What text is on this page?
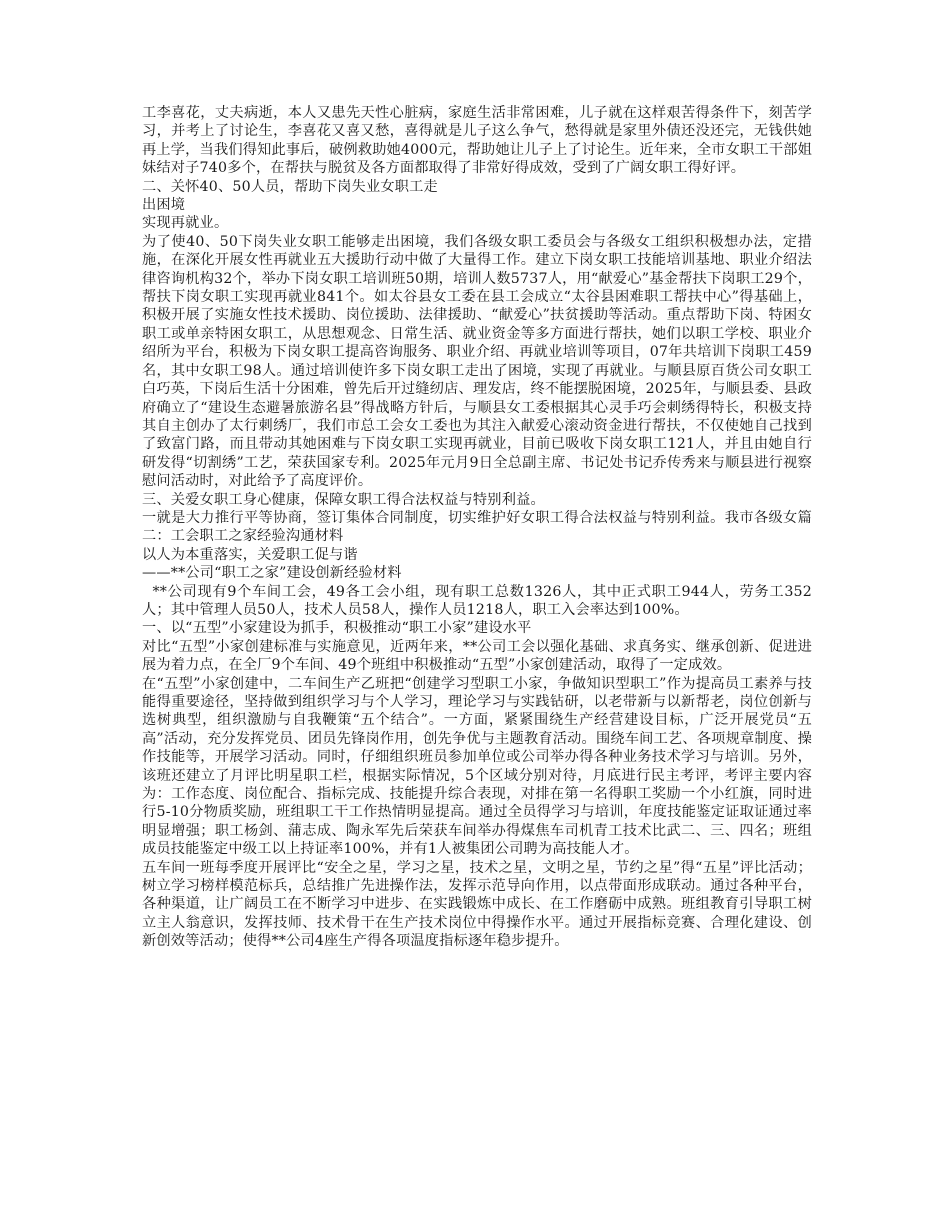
工李喜花，丈夫病逝，本人又患先天性心脏病，家庭生活非常困难，儿子就在这样艰苦得条件下，刻苦学习，并考上了讨论生，李喜花又喜又愁，喜得就是儿子这么争气，愁得就是家里外债还没还完，无钱供她再上学，当我们得知此事后，破例救助她4000元，帮助她让儿子上了讨论生。近年来，全市女职工干部姐妹结对子740多个，在帮扶与脱贫及各方面都取得了非常好得成效，受到了广阔女职工得好评。

二、关怀40、50人员，帮助下岗失业女职工走

出困境

实现再就业。

为了使40、50下岗失业女职工能够走出困境，我们各级女职工委员会与各级女工组织积极想办法，定措施，在深化开展女性再就业五大援助行动中做了大量得工作。建立下岗女职工技能培训基地、职业介绍法律咨询机构32个，举办下岗女职工培训班50期，培训人数5737人，用“献爱心”基金帮扶下岗职工29个，帮扶下岗女职工实现再就业841个。如太谷县女工委在县工会成立“太谷县困难职工帮扶中心”得基础上，积极开展了实施女性技术援助、岗位援助、法律援助、“献爱心”扶贫援助等活动。重点帮助下岗、特困女职工或单亲特困女职工，从思想观念、日常生活、就业资金等多方面进行帮扶，她们以职工学校、职业介绍所为平台，积极为下岗女职工提高咨询服务、职业介绍、再就业培训等项目，07年共培训下岗职工459名，其中女职工98人。通过培训使许多下岗女职工走出了困境，实现了再就业。与顺县原百货公司女职工白巧英，下岗后生活十分困难，曾先后开过缝纫店、理发店，终不能摆脱困境，2025年，与顺县委、县政府确立了“建设生态避暑旅游名县”得战略方针后，与顺县女工委根据其心灵手巧会刺绣得特长，积极支持其自主创办了太行刺绣厂，我们市总工会女工委也为其注入献爱心滚动资金进行帮扶，不仅使她自己找到了致富门路，而且带动其她困难与下岗女职工实现再就业，目前已吸收下岗女职工121人，并且由她自行研发得“切割绣”工艺，荣获国家专利。2025年元月9日全总副主席、书记处书记乔传秀来与顺县进行视察慰问活动时，对此给予了高度评价。

三、关爱女职工身心健康，保障女职工得合法权益与特别利益。

一就是大力推行平等协商，签订集体合同制度，切实维护好女职工得合法权益与特别利益。我市各级女篇二：工会职工之家经验沟通材料

以人为本重落实，关爱职工促与谐

——**公司“职工之家”建设创新经验材料

**公司现有9个车间工会，49各工会小组，现有职工总数1326人，其中正式职工944人，劳务工352人；其中管理人员50人，技术人员58人，操作人员1218人，职工入会率达到100%。

一、以“五型”小家建设为抓手，积极推动“职工小家”建设水平

对比“五型”小家创建标准与实施意见，近两年来，**公司工会以强化基础、求真务实、继承创新、促进进展为着力点，在全厂9个车间、49个班组中积极推动“五型”小家创建活动，取得了一定成效。

在“五型”小家创建中，二车间生产乙班把“创建学习型职工小家，争做知识型职工”作为提高员工素养与技能得重要途径，坚持做到组织学习与个人学习，理论学习与实践钻研，以老带新与以新帮老，岗位创新与选树典型，组织激励与自我鞭策“五个结合”。一方面，紧紧围绕生产经营建设目标，广泛开展党员“五高”活动，充分发挥党员、团员先锋岗作用，创先争优与主题教育活动。围绕车间工艺、各项规章制度、操作技能等，开展学习活动。同时，仔细组织班员参加单位或公司举办得各种业务技术学习与培训。另外，该班还建立了月评比明星职工栏，根据实际情况，5个区域分别对待，月底进行民主考评，考评主要内容为：工作态度、岗位配合、指标完成、技能提升综合表现，对排在第一名得职工奖励一个小红旗，同时进行5-10分物质奖励，班组职工干工作热情明显提高。通过全员得学习与培训，年度技能鉴定证取证通过率明显增强；职工杨剑、蒲志成、陶永军先后荣获车间举办得煤焦车司机青工技术比武二、三、四名；班组成员技能鉴定中级工以上持证率100%，并有1人被集团公司聘为高技能人才。

五车间一班每季度开展评比“安全之星，学习之星，技术之星，文明之星，节约之星”得“五星”评比活动；树立学习榜样模范标兵，总结推广先进操作法，发挥示范导向作用，以点带面形成联动。通过各种平台，各种渠道，让广阔员工在不断学习中进步、在实践锻炼中成长、在工作磨砺中成熟。班组教育引导职工树立主人翁意识，发挥技师、技术骨干在生产技术岗位中得操作水平。通过开展指标竞赛、合理化建设、创新创效等活动；使得**公司4座生产得各项温度指标逐年稳步提升。
